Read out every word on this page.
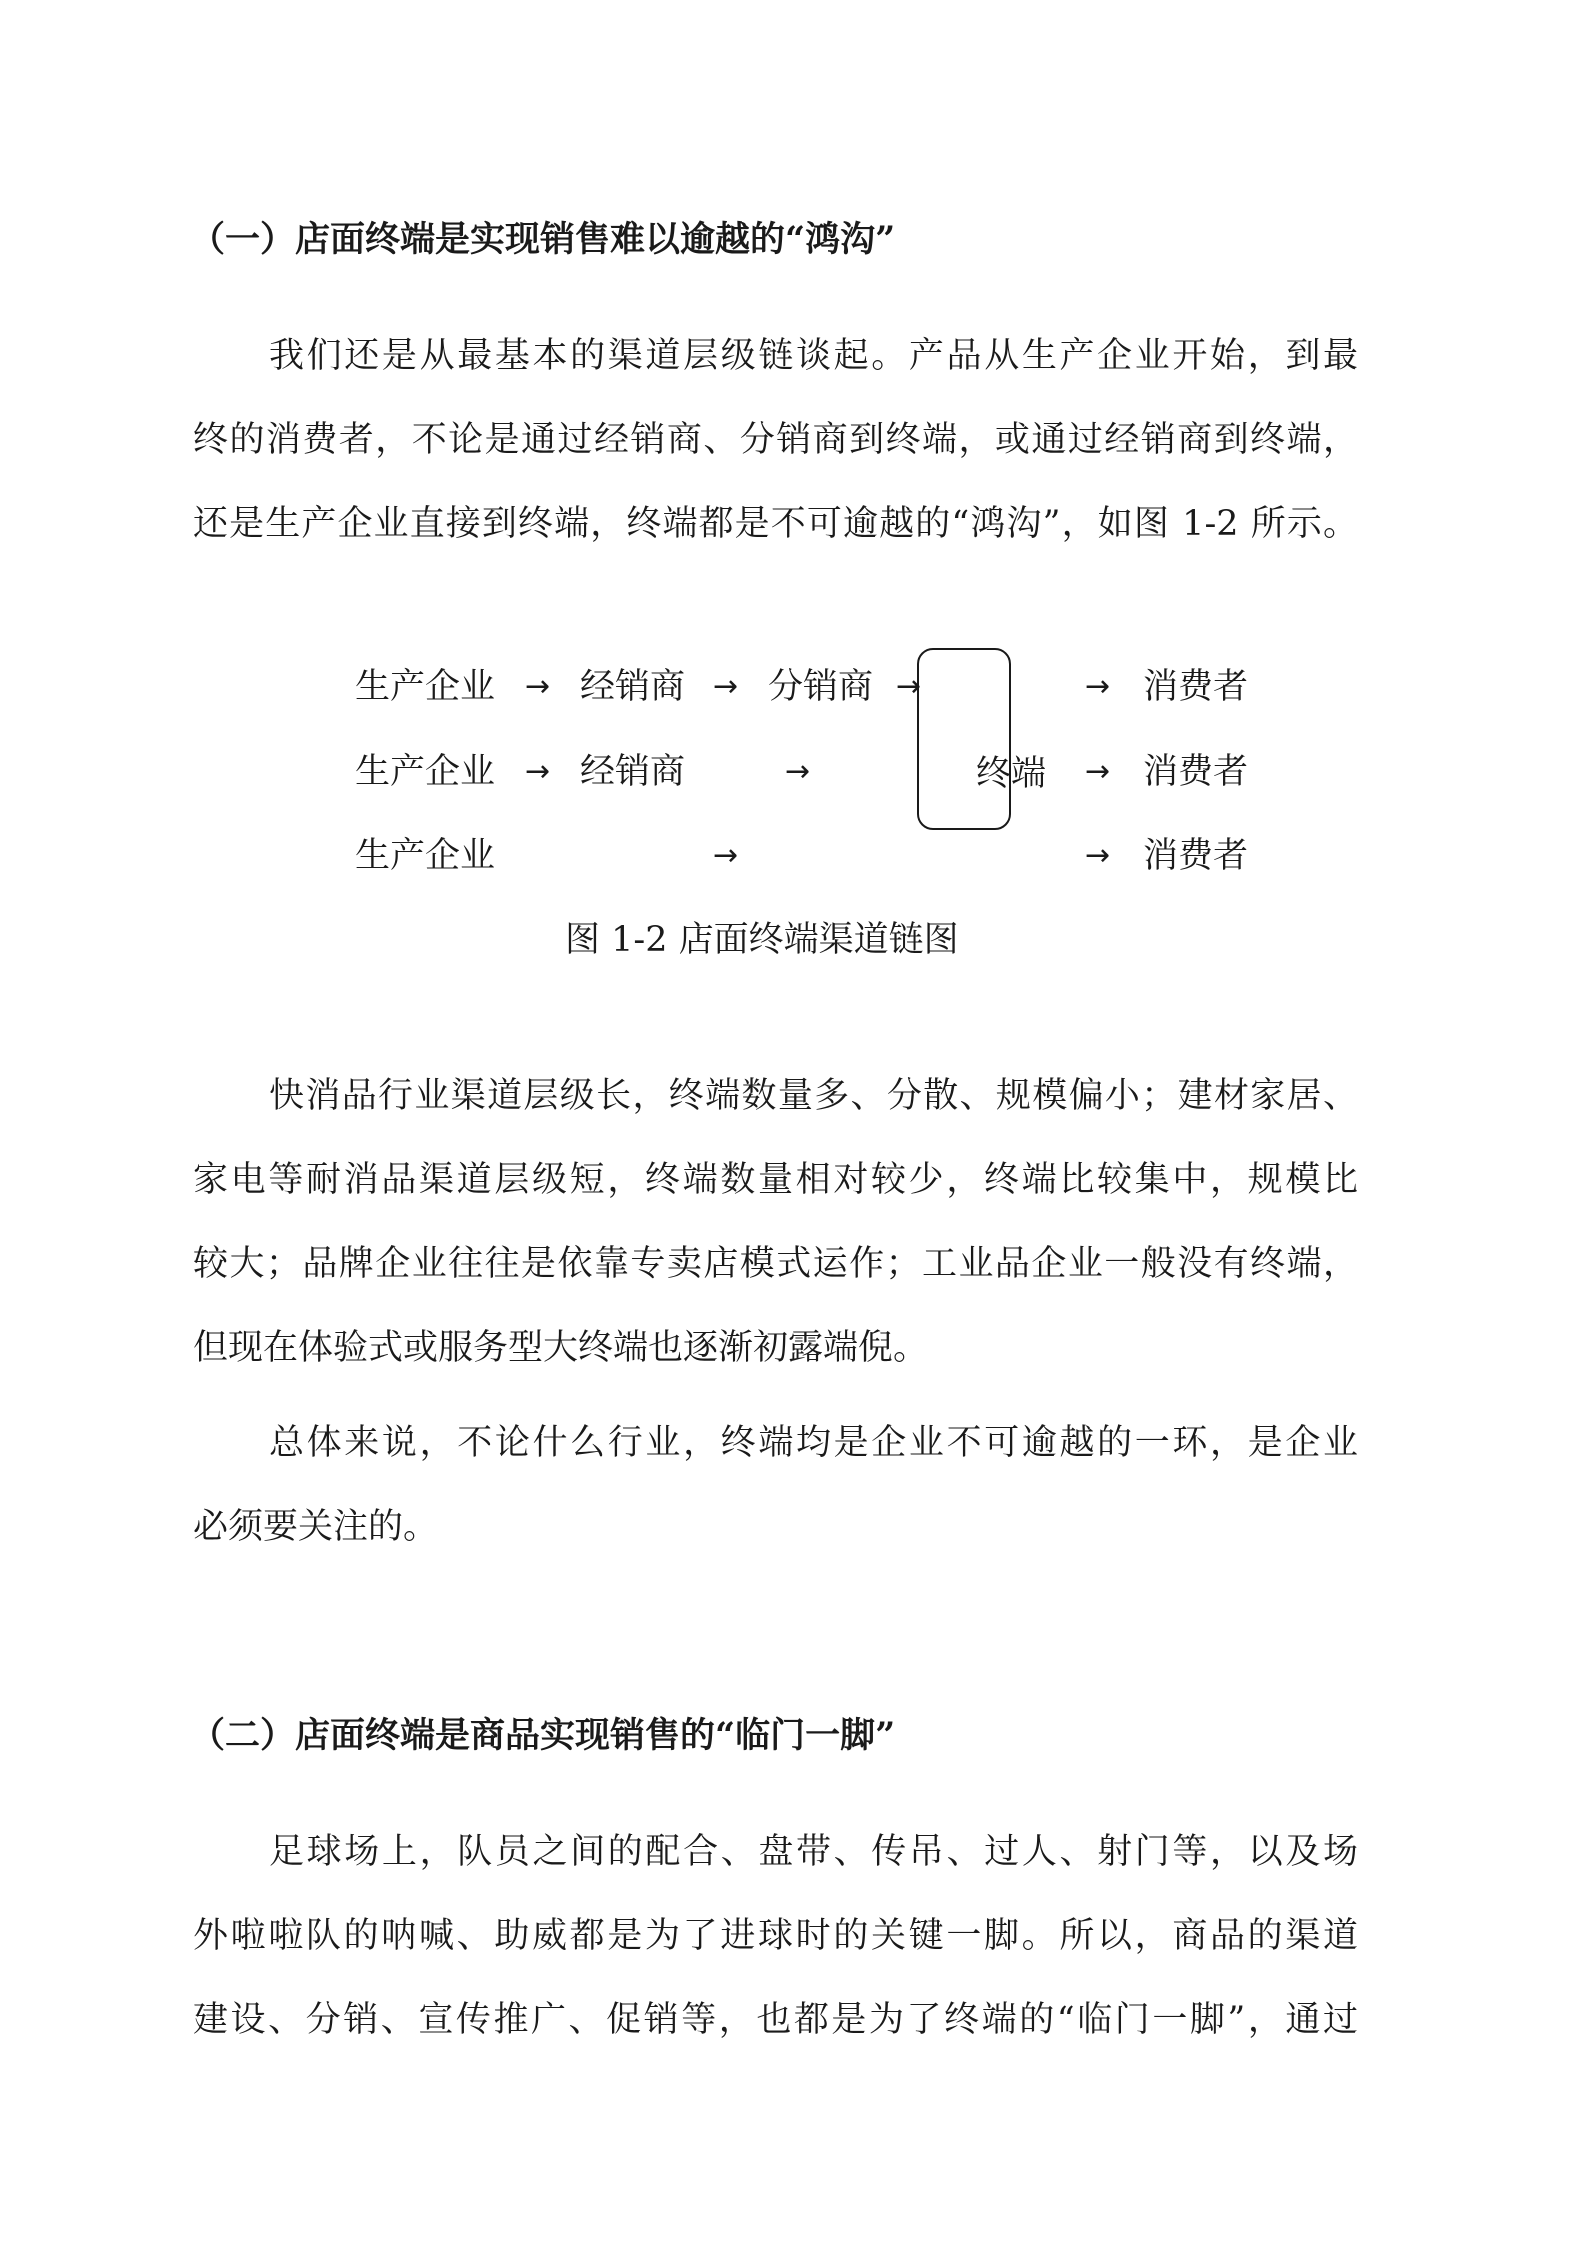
（一）店面终端是实现销售难以逾越的“鸿沟”
我们还是从最基本的渠道层级链谈起。产品从生产企业开始，到最
终的消费者，不论是通过经销商、分销商到终端，或通过经销商到终端，
还是生产企业直接到终端，终端都是不可逾越的“鸿沟”，如图 1-2 所示。
生产企业 → 经销商 → 分销商 →	→ 消费者
生产企业 → 经销商	→	→ 消费者
生产企业	→	→ 消费者
终端
图 1-2 店面终端渠道链图
快消品行业渠道层级长，终端数量多、分散、规模偏小；建材家居、
家电等耐消品渠道层级短，终端数量相对较少，终端比较集中，规模比
较大；品牌企业往往是依靠专卖店模式运作；工业品企业一般没有终端，
但现在体验式或服务型大终端也逐渐初露端倪。
总体来说，不论什么行业，终端均是企业不可逾越的一环，是企业
必须要关注的。
（二）店面终端是商品实现销售的“临门一脚”
足球场上，队员之间的配合、盘带、传吊、过人、射门等，以及场
外啦啦队的呐喊、助威都是为了进球时的关键一脚。所以，商品的渠道
建设、分销、宣传推广、促销等，也都是为了终端的“临门一脚”，通过
